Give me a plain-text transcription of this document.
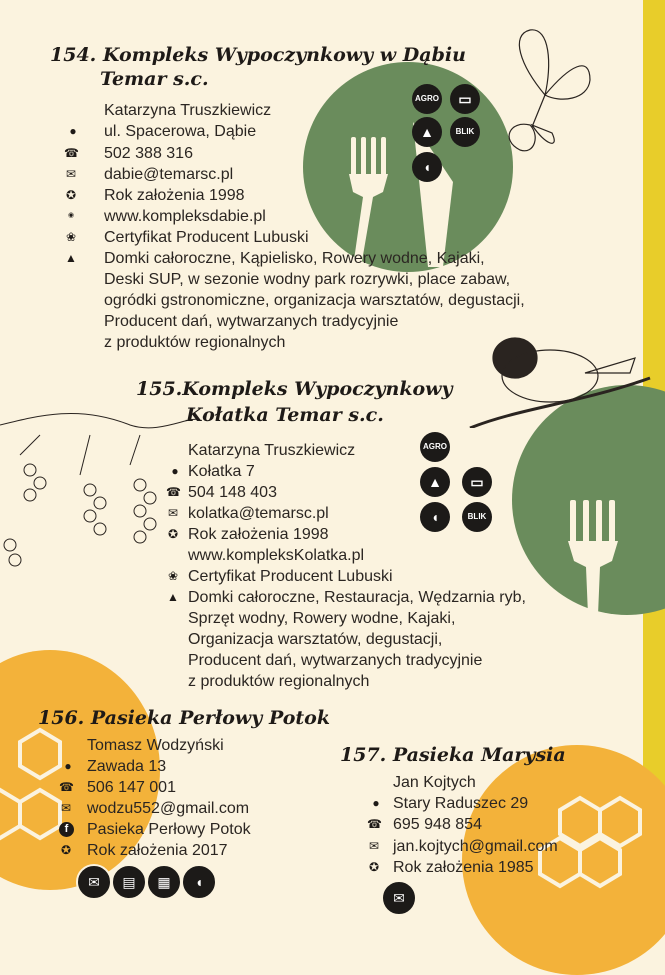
154. Kompleks Wypoczynkowy w Dąbiu
Temar s.c.
Katarzyna Truszkiewicz
● ul. Spacerowa, Dąbie
☎ 502 388 316
✉ dabie@temarsc.pl
✪ Rok założenia 1998
◉ www.kompleksdabie.pl
❀ Certyfikat Producent Lubuski
▲ Domki całoroczne, Kąpielisko, Rowery wodne, Kajaki,
Deski SUP, w sezonie wodny park rozrywki, place zabaw,
ogródki gstronomiczne, organizacja warsztatów, degustacji,
Producent dań, wytwarzanych tradycyjnie
z produktów regionalnych
AGRO	▭
▲	BLIK
◖
155.Kompleks Wypoczynkowy
Kołatka Temar s.c.
Katarzyna Truszkiewicz
● Kołatka 7
☎ 504 148 403
✉ kolatka@temarsc.pl
✪ Rok założenia 1998
www.kompleksKolatka.pl
❀ Certyfikat Producent Lubuski
▲ Domki całoroczne, Restauracja, Wędzarnia ryb,
Sprzęt wodny, Rowery wodne, Kajaki,
Organizacja warsztatów, degustacji,
Producent dań, wytwarzanych tradycyjnie
z produktów regionalnych
AGRO
▲	▭
◖	BLIK
156. Pasieka Perłowy Potok
Tomasz Wodzyński
● Zawada 13
☎ 506 147 001
✉ wodzu552@gmail.com
f	Pasieka Perłowy Potok
✪ Rok założenia 2017
✉	▤	▦	◖
157. Pasieka Marysia
Jan Kojtych
● Stary Raduszec 29
☎ 695 948 854
✉ jan.kojtych@gmail.com
✪ Rok założenia 1985
✉
